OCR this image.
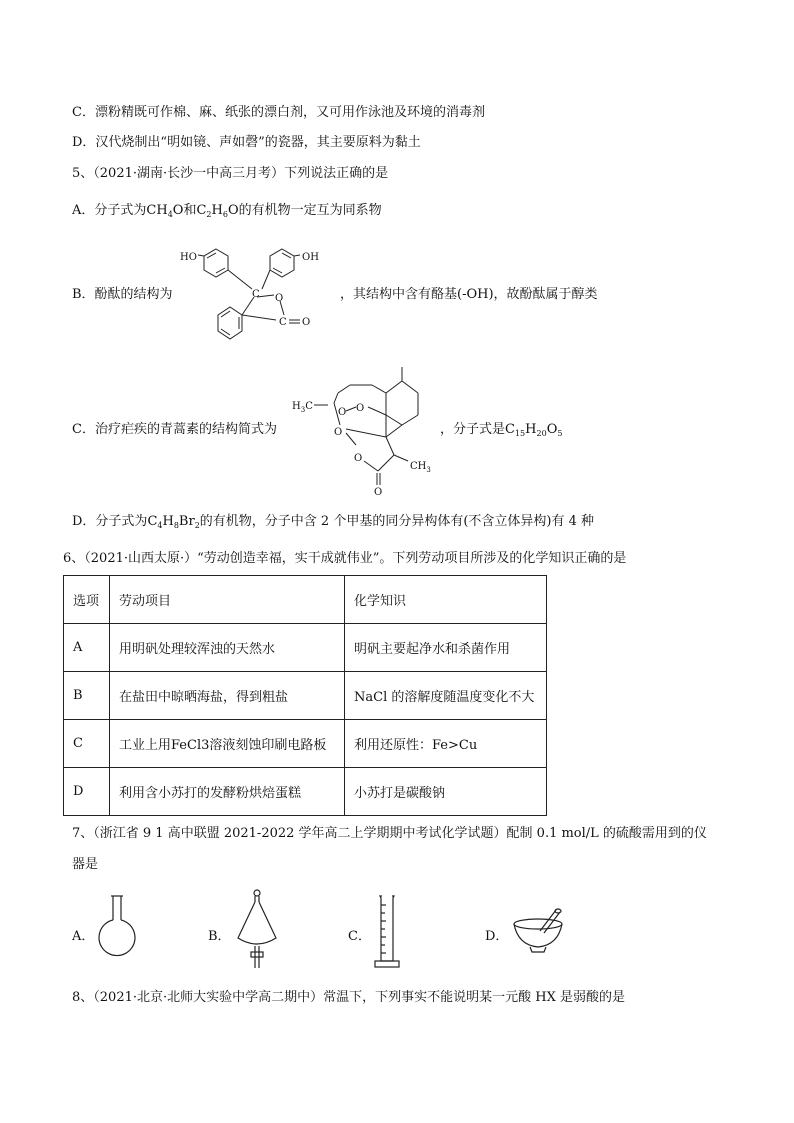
C．漂粉精既可作棉、麻、纸张的漂白剂，又可用作泳池及环境的消毒剂
D．汉代烧制出“明如镜、声如磬”的瓷器，其主要原料为黏土
5、（2021·湖南·长沙一中高三月考）下列说法正确的是
A．分子式为$CH_4O$和$C_2H_6O$的有机物一定互为同系物
B．酚酞的结构为
HO	OH
C O
C O
，其结构中含有酪基(-OH)，故酚酞属于醇类
C．治疗疟疾的青蒿素的结构简式为
$H_3C$	O
O
O
O
O
$CH_3$
，分子式是$C_{15}H_{20}O_5$
D．分子式为$C_4H_8Br_2$的有机物，分子中含 2 个甲基的同分异构体有(不含立体异构)有 4 种
6、（2021·山西太原·）“劳动创造幸福，实干成就伟业”。下列劳动项目所涉及的化学知识正确的是
选项	劳动项目	化学知识
A	用明矾处理较浑浊的天然水	明矾主要起净水和杀菌作用
B	在盐田中晾晒海盐，得到粗盐	NaCl 的溶解度随温度变化不大
C	工业上用FeCl3溶液刻蚀印刷电路板	利用还原性：Fe>Cu
D	利用含小苏打的发酵粉烘焙蛋糕	小苏打是碳酸钠
7、（浙江省 9 1 高中联盟 2021-2022 学年高二上学期期中考试化学试题）配制 0.1 mol/L 的硫酸需用到的仪
器是
A．	B．	C．	D．
8、（2021·北京·北师大实验中学高二期中）常温下，下列事实不能说明某一元酸 HX 是弱酸的是
